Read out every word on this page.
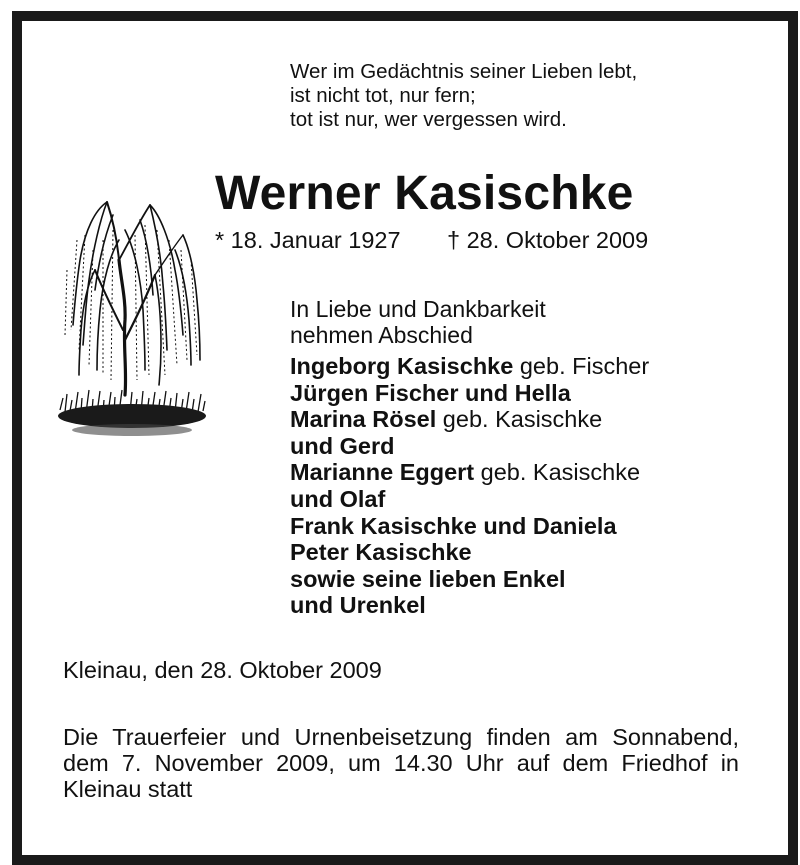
Wer im Gedächtnis seiner Lieben lebt,
ist nicht tot, nur fern;
tot ist nur, wer vergessen wird.
Werner Kasischke
* 18. Januar 1927 † 28. Oktober 2009
In Liebe und Dankbarkeit
nehmen Abschied
Ingeborg Kasischke geb. Fischer
Jürgen Fischer und Hella
Marina Rösel geb. Kasischke
und Gerd
Marianne Eggert geb. Kasischke
und Olaf
Frank Kasischke und Daniela
Peter Kasischke
sowie seine lieben Enkel
und Urenkel
Kleinau, den 28. Oktober 2009
Die Trauerfeier und Urnenbeisetzung finden am Sonnabend, dem 7. November 2009, um 14.30 Uhr auf dem Friedhof in Kleinau statt
